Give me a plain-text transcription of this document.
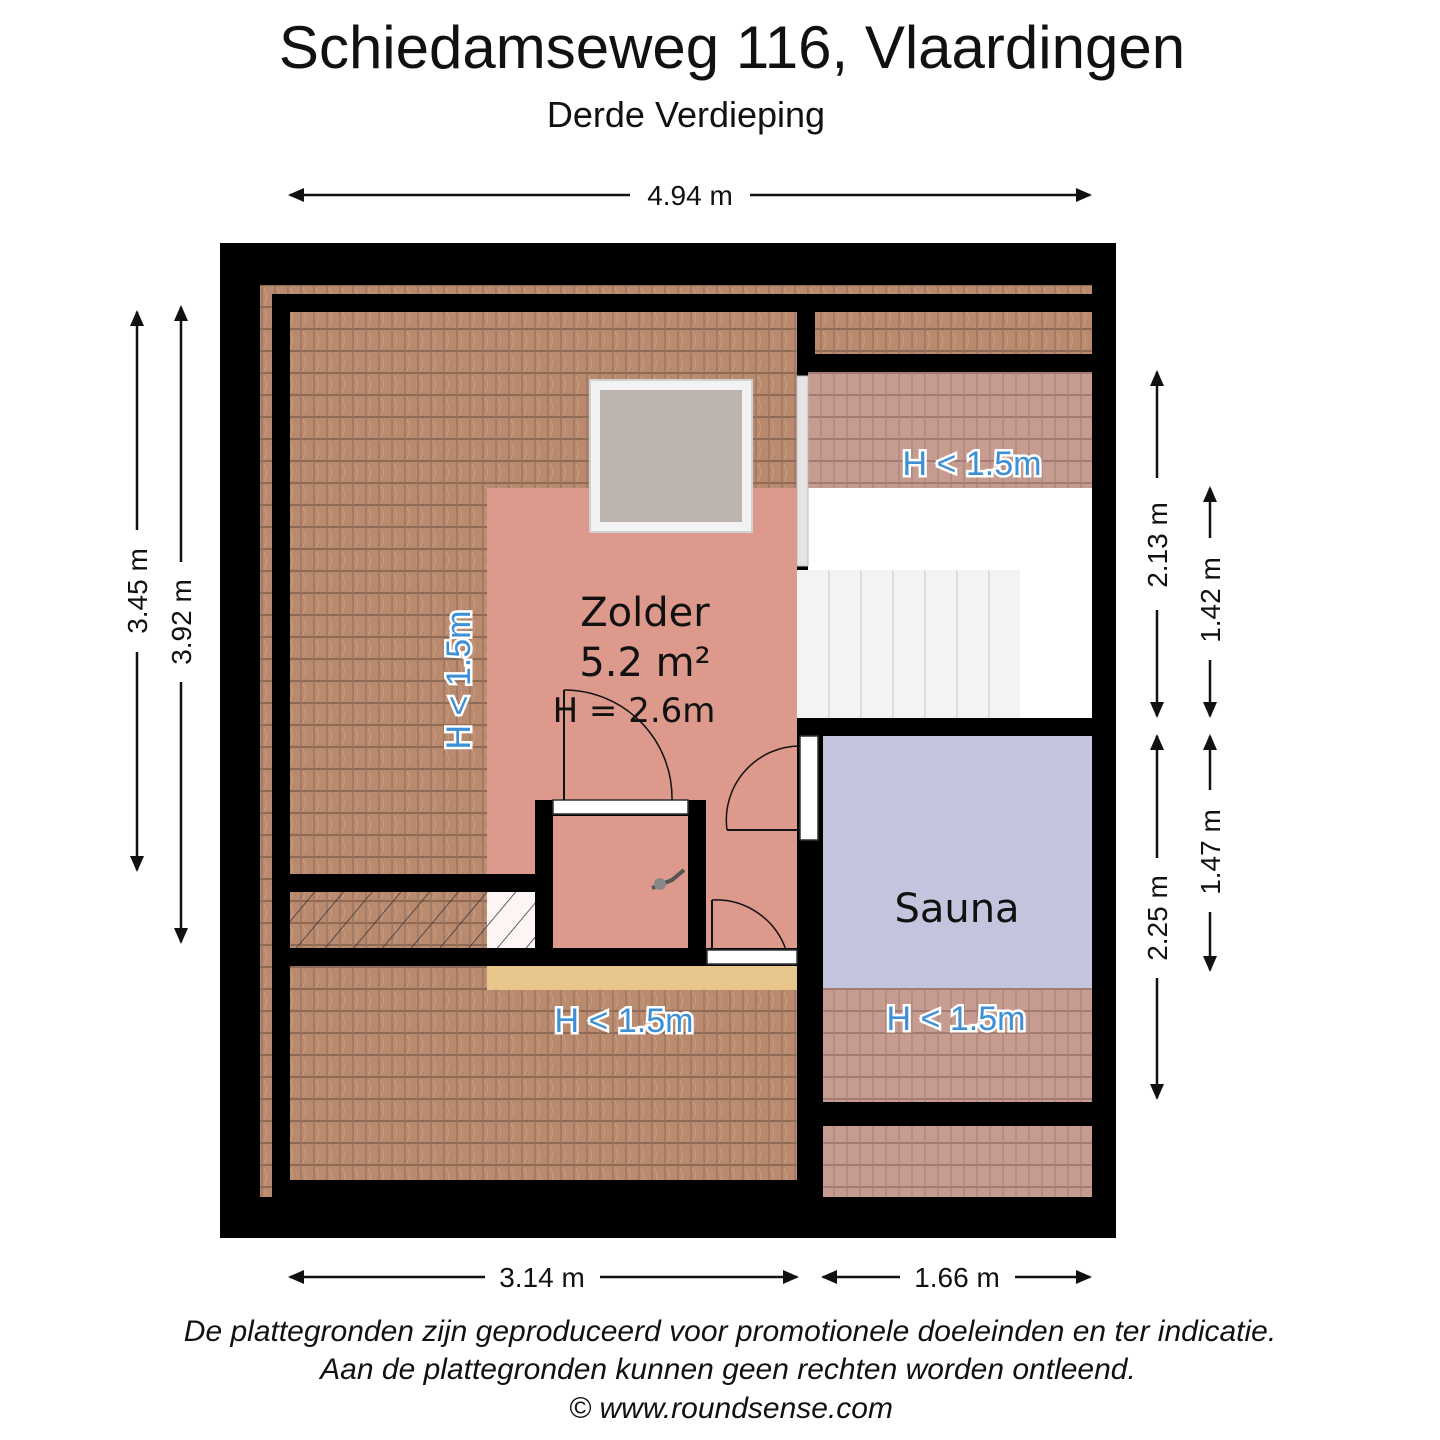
Schiedamseweg 116, Vlaardingen
Derde Verdieping
4.94 m
Zolder
5.2 m²
H = 2.6m
Sauna
H < 1.5m
H < 1.5m
H < 1.5m	H < 1.5m
3.45 m 3.92 m
2.13 m
2.25 m
1.42 m
1.47 m
3.14 m	1.66 m
De plattegronden zijn geproduceerd voor promotionele doeleinden en ter indicatie.
Aan de plattegronden kunnen geen rechten worden ontleend.
© www.roundsense.com
